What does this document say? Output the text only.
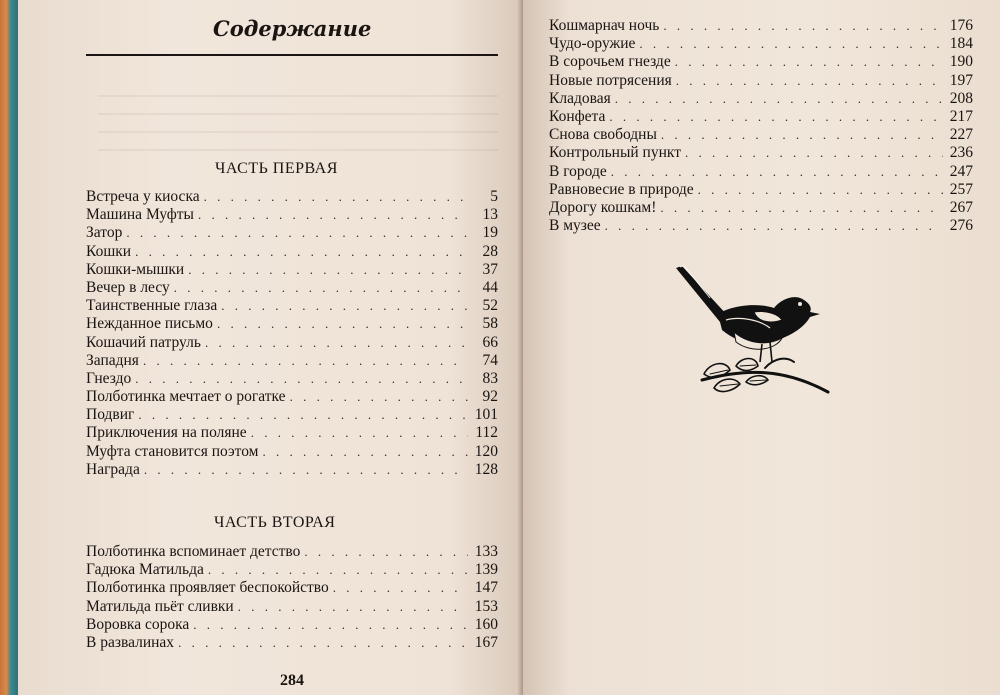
Содержание
ЧАСТЬ ПЕРВАЯ
Встреча у киоска . . .	5
Машина Муфты . . .	13
Затор . . .	19
Кошки . . .	28
Кошки-мышки . . .	37
Вечер в лесу . . .	44
Таинственные глаза . . .	52
Нежданное письмо . . .	58
Кошачий патруль . . .	66
Западня . . .	74
Гнездо . . .	83
Полботинка мечтает о рогатке . . .	92
Подвиг . . .	101
Приключения на поляне . . .	112
Муфта становится поэтом . . .	120
Награда . . .	128
ЧАСТЬ ВТОРАЯ
Полботинка вспоминает детство . . .	133
Гадюка Матильда . . .	139
Полботинка проявляет беспокойство . . .	147
Матильда пьёт сливки . . .	153
Воровка сорока . . .	160
В развалинах . . .	167
284
Кошмарнач ночь . . .	176
Чудо-оружие . . .	184
В сорочьем гнезде . . .	190
Новые потрясения . . .	197
Кладовая . . .	208
Конфета . . .	217
Снова свободны . . .	227
Контрольный пункт . . .	236
В городе . . .	247
Равновесие в природе . . .	257
Дорогу кошкам! . . .	267
В музее . . .	276
